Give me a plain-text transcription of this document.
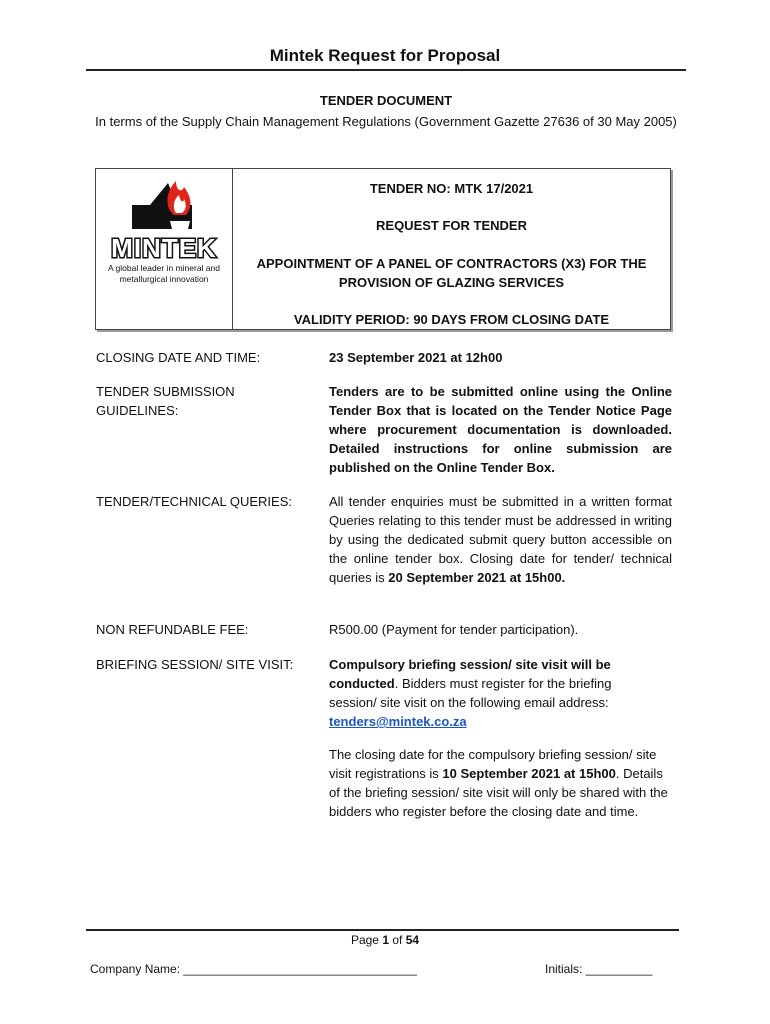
Mintek Request for Proposal
TENDER DOCUMENT
In terms of the Supply Chain Management Regulations (Government Gazette 27636 of 30 May 2005)
MINTEK
A global leader in mineral and
metallurgical innovation
TENDER NO: MTK 17/2021
REQUEST FOR TENDER
APPOINTMENT OF A PANEL OF CONTRACTORS (X3) FOR THE
PROVISION OF GLAZING SERVICES
VALIDITY PERIOD: 90 DAYS FROM CLOSING DATE
CLOSING DATE AND TIME:	23 September 2021 at 12h00
TENDER SUBMISSION
GUIDELINES:
Tenders are to be submitted online using the Online Tender Box that is located on the Tender Notice Page where procurement documentation is downloaded. Detailed instructions for online submission are published on the Online Tender Box.
TENDER/TECHNICAL QUERIES:	All tender enquiries must be submitted in a written format Queries relating to this tender must be addressed in writing by using the dedicated submit query button accessible on the online tender box. Closing date for tender/ technical queries is 20 September 2021 at 15h00.
NON REFUNDABLE FEE:	R500.00 (Payment for tender participation).
BRIEFING SESSION/ SITE VISIT:	Compulsory briefing session/ site visit will be conducted. Bidders must register for the briefing session/ site visit on the following email address: tenders@mintek.co.za
The closing date for the compulsory briefing session/ site visit registrations is 10 September 2021 at 15h00. Details of the briefing session/ site visit will only be shared with the bidders who register before the closing date and time.
Page 1 of 54
Company Name: ___________________________________	Initials: __________
